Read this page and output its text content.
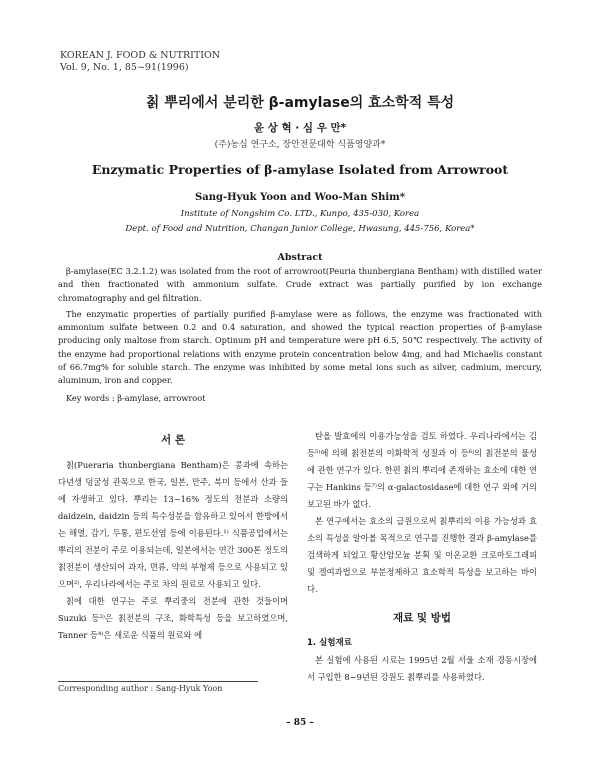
KOREAN J. FOOD & NUTRITION
Vol. 9, No. 1, 85~91(1996)
칡 뿌리에서 분리한 β-amylase의 효소학적 특성
윤 상 혁 · 심 우 만*
(주)농심 연구소, 장안전문대학 식품영양과*
Enzymatic Properties of β-amylase Isolated from Arrowroot
Sang-Hyuk Yoon and Woo-Man Shim*
Institute of Nongshim Co. LTD., Kunpo, 435-030, Korea
Dept. of Food and Nutrition, Changan Junior College, Hwasung, 445-756, Korea*
Abstract

β-amylase(EC 3.2.1.2) was isolated from the root of arrowroot(Peuria thunbergiana Bentham) with distilled water and then fractionated with ammonium sulfate. Crude extract was partially purified by ion exchange chromatography and gel filtration.

The enzymatic properties of partially purified β-amylase were as follows, the enzyme was fractionated with ammonium sulfate between 0.2 and 0.4 saturation, and showed the typical reaction properties of β-amylase producing only maltose from starch. Optinum pH and temperature were pH 6.5, 50℃ respectively. The activity of the enzyme had proportional relations with enzyme protein concentration below 4mg, and had Michaelis constant of 66.7mg% for soluble starch. The enzyme was inhibited by some metal ions such as silver, cadmium, mercury, aluminum, iron and copper.

Key words : β-amylase, arrowroot
서 론

칡(Pueraria thunbergiana Bentham)은 콩과에 속하는 다년생 덩굴성 관목으로 한국, 일본, 만주, 북미 등에서 산과 들에 자생하고 있다. 뿌리는 13~16% 정도의 전분과 소량의 daidzein, daidzin 등의 특수성분을 함유하고 있어서 한방에서는 해열, 감기, 두통, 편도선염 등에 이용된다.¹⁾ 식품공업에서는 뿌리의 전분이 주로 이용되는데, 일본에서는 연간 300톤 정도의 칡전분이 생산되어 과자, 면류, 약의 부형제 등으로 사용되고 있으며²⁾, 우리나라에서는 주로 차의 원료로 사용되고 있다.

칡에 대한 연구는 주로 뿌리중의 전분에 관한 것들이며 Suzuki 등³⁾은 칡전분의 구조, 화학특성 등을 보고하였으며, Tanner 등⁴⁾은 새로운 식품의 원료와 에

탄올 발효에의 이용가능성을 검토 하였다. 우리나라에서는 김 등⁵⁾에 의해 칡전분의 이화학적 성질과 이 등⁶⁾의 칡전분의 물성에 관한 연구가 있다. 한편 칡의 뿌리에 존재하는 효소에 대한 연구는 Hankins 등⁷⁾의 α-galactosidase에 대한 연구 외에 거의 보고된 바가 없다.

본 연구에서는 효소의 급원으로써 칡뿌리의 이용 가능성과 효소의 특성을 알아볼 목적으로 연구를 진행한 결과 β-amylase를 검색하게 되었고 황산암모늄 분획 및 이온교환 크로마토그래피 및 겔여과법으로 부분정제하고 효소학적 특성을 보고하는 바이다.

재료 및 방법
1. 실험재료

본 실험에 사용된 시료는 1995년 2월 서울 소재 경동시장에서 구입한 8~9년된 강원도 칡뿌리를 사용하였다.

Corresponding author : Sang-Hyuk Yoon
– 85 –
